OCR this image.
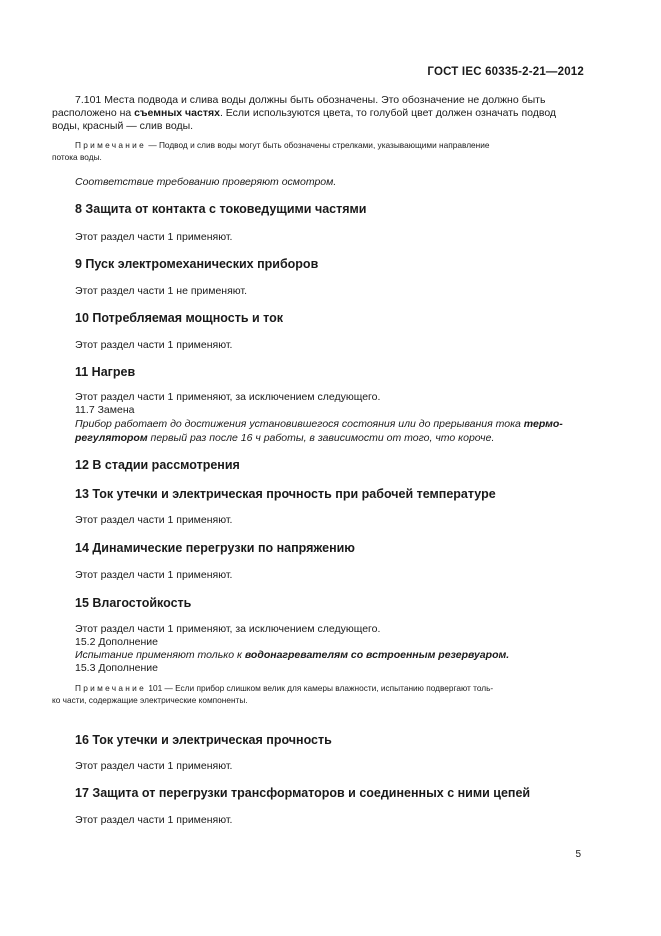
ГОСТ IEC 60335-2-21—2012

7.101 Места подвода и слива воды должны быть обозначены. Это обозначение не должно быть

расположено на съемных частях. Если используются цвета, то голубой цвет должен означать подвод

воды, красный — слив воды.

Примечание — Подвод и слив воды могут быть обозначены стрелками, указывающими направление

потока воды.

Соответствие требованию проверяют осмотром.

8 Защита от контакта с токоведущими частями

Этот раздел части 1 применяют.

9 Пуск электромеханических приборов

Этот раздел части 1 не применяют.

10 Потребляемая мощность и ток

Этот раздел части 1 применяют.

11 Нагрев

Этот раздел части 1 применяют, за исключением следующего.

11.7 Замена

Прибор работает до достижения установившегося состояния или до прерывания тока термо-

регулятором первый раз после 16 ч работы, в зависимости от того, что короче.

12 В стадии рассмотрения
13 Ток утечки и электрическая прочность при рабочей температуре

Этот раздел части 1 применяют.

14 Динамические перегрузки по напряжению

Этот раздел части 1 применяют.

15 Влагостойкость

Этот раздел части 1 применяют, за исключением следующего.

15.2 Дополнение

Испытание применяют только к водонагревателям со встроенным резервуаром.

15.3 Дополнение

Примечание 101 — Если прибор слишком велик для камеры влажности, испытанию подвергают толь-

ко части, содержащие электрические компоненты.

16 Ток утечки и электрическая прочность

Этот раздел части 1 применяют.

17 Защита от перегрузки трансформаторов и соединенных с ними цепей

Этот раздел части 1 применяют.

5
